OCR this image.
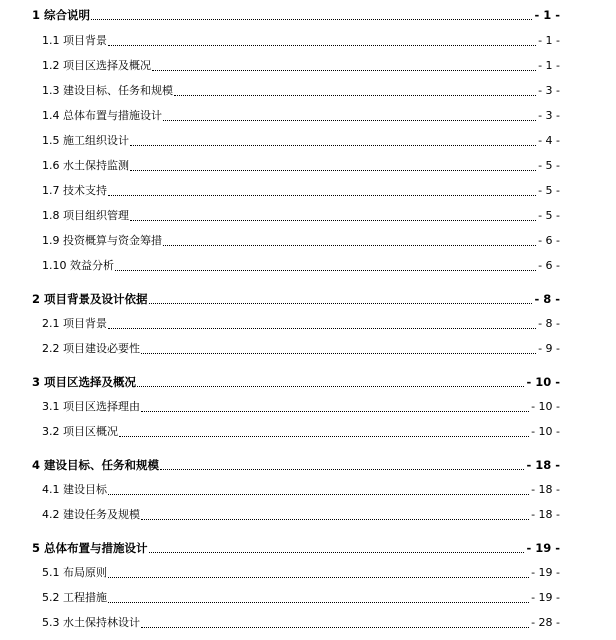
1 综合说明	- 1 -
1.1 项目背景	- 1 -
1.2 项目区选择及概况	- 1 -
1.3 建设目标、任务和规模	- 3 -
1.4 总体布置与措施设计	- 3 -
1.5 施工组织设计	- 4 -
1.6 水土保持监测	- 5 -
1.7 技术支持	- 5 -
1.8 项目组织管理	- 5 -
1.9 投资概算与资金筹措	- 6 -
1.10 效益分析	- 6 -
2 项目背景及设计依据	- 8 -
2.1 项目背景	- 8 -
2.2 项目建设必要性	- 9 -
3 项目区选择及概况	- 10 -
3.1 项目区选择理由	- 10 -
3.2 项目区概况	- 10 -
4 建设目标、任务和规模	- 18 -
4.1 建设目标	- 18 -
4.2 建设任务及规模	- 18 -
5 总体布置与措施设计	- 19 -
5.1 布局原则	- 19 -
5.2 工程措施	- 19 -
5.3 水土保持林设计	- 28 -
